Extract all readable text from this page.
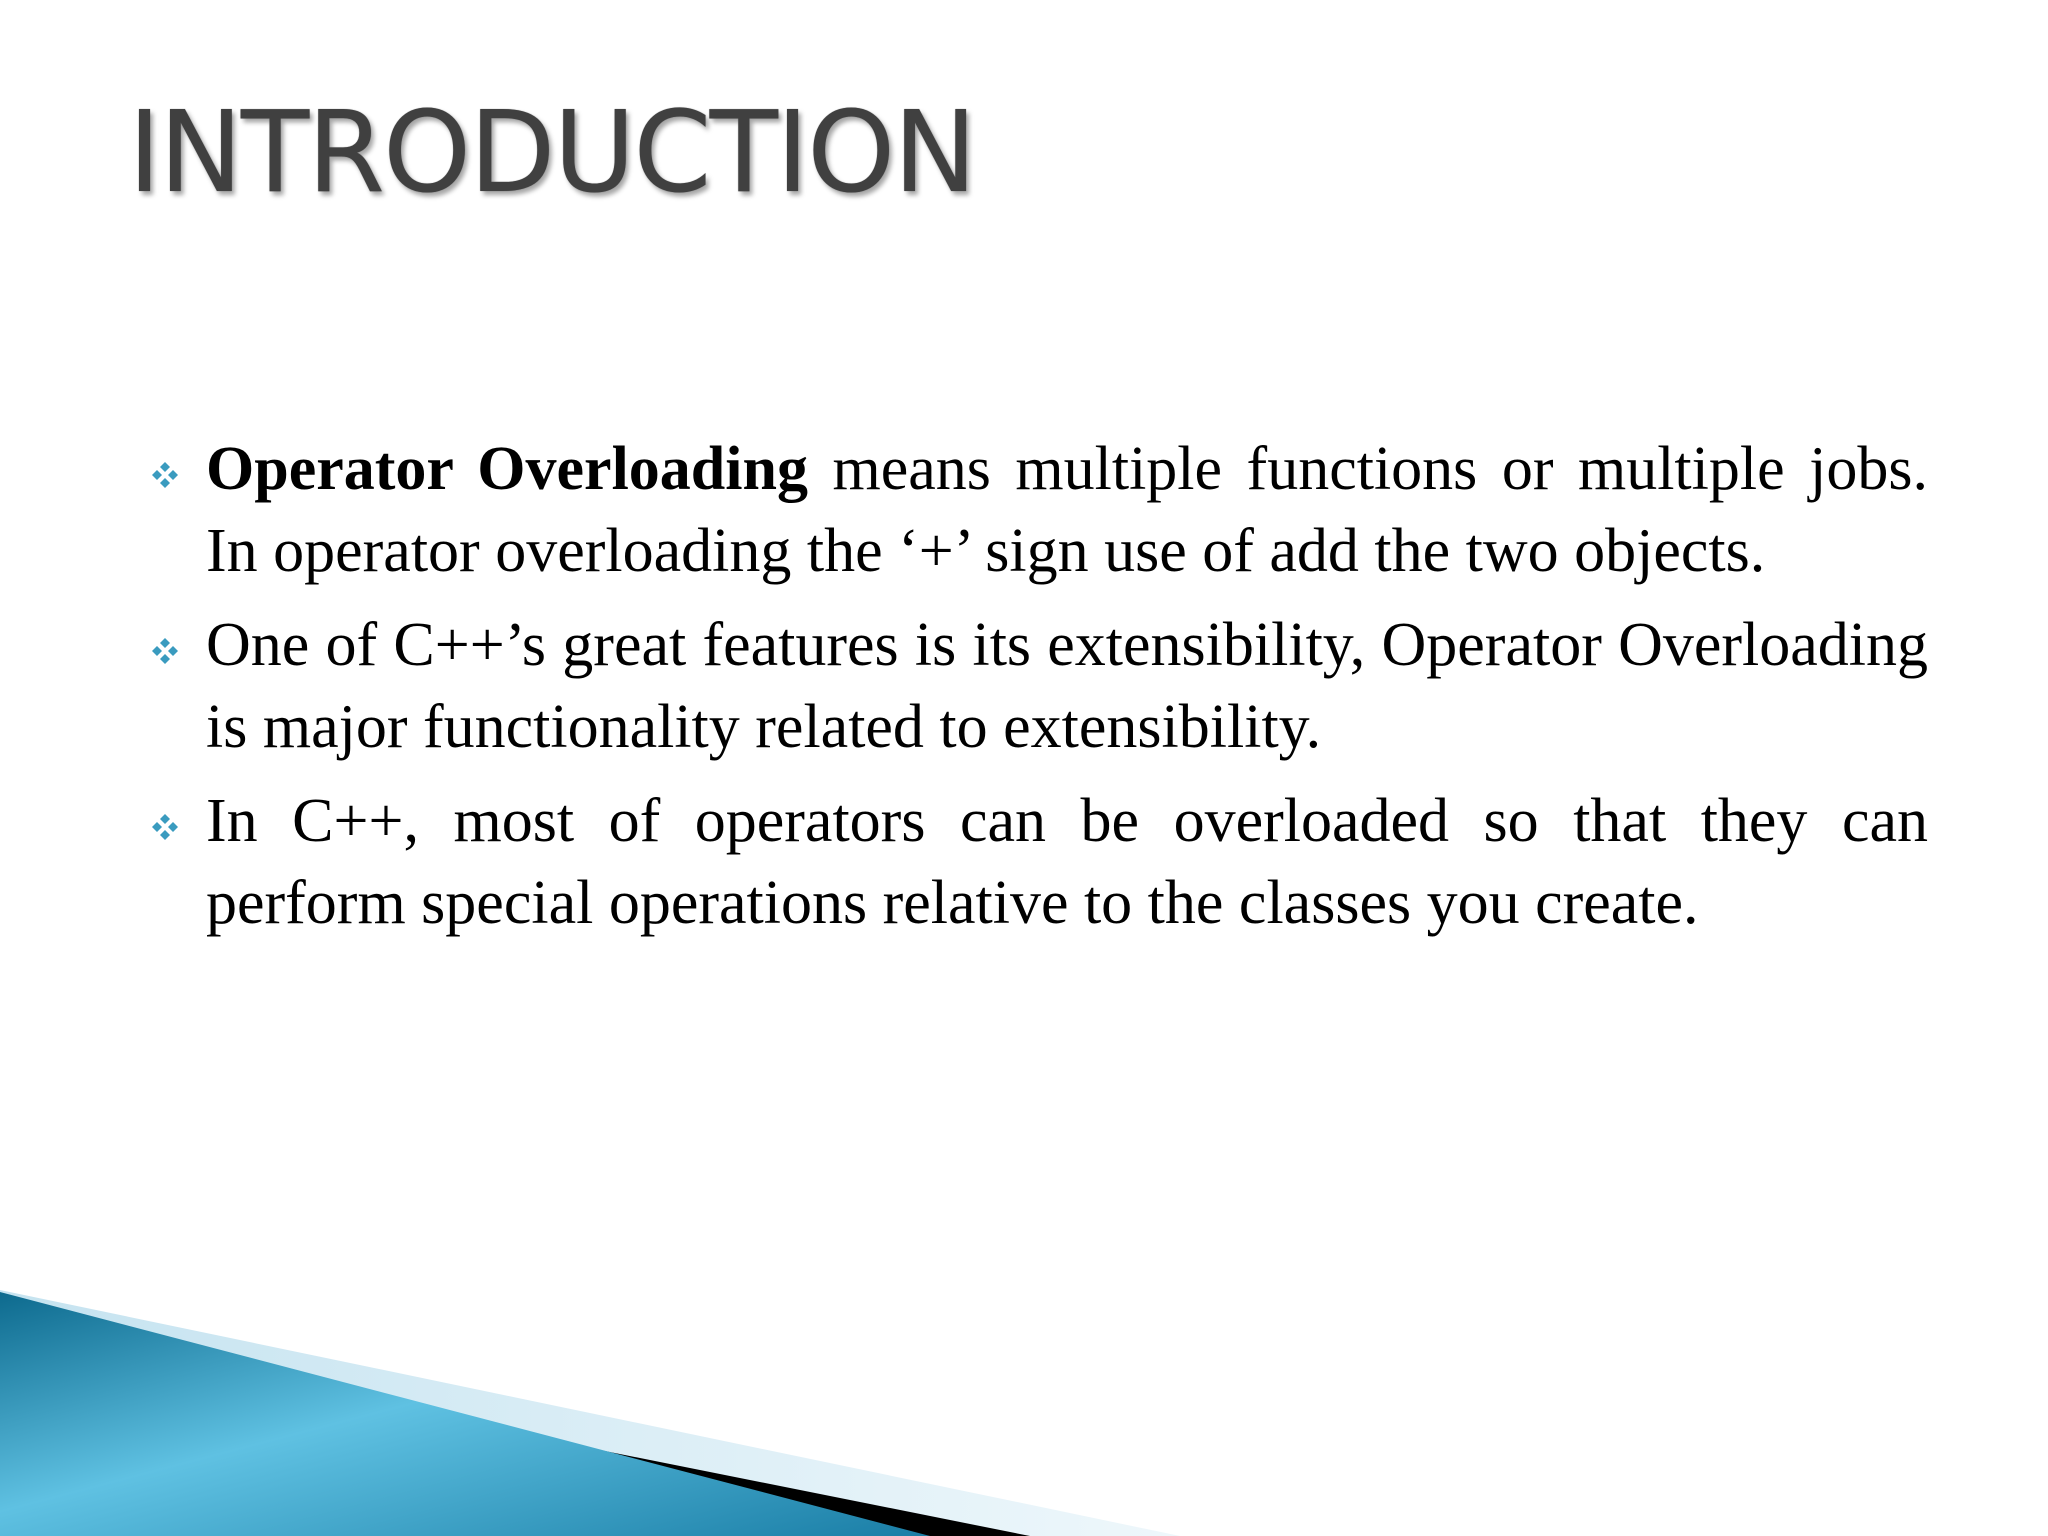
INTRODUCTION
Operator Overloading means multiple functions or multiple jobs. In operator overloading the ‘+’ sign use of add the two objects.
One of C++’s great features is its extensibility, Operator Overloading is major functionality related to extensibility.
In C++, most of operators can be overloaded so that they can perform special operations relative to the classes you create.
